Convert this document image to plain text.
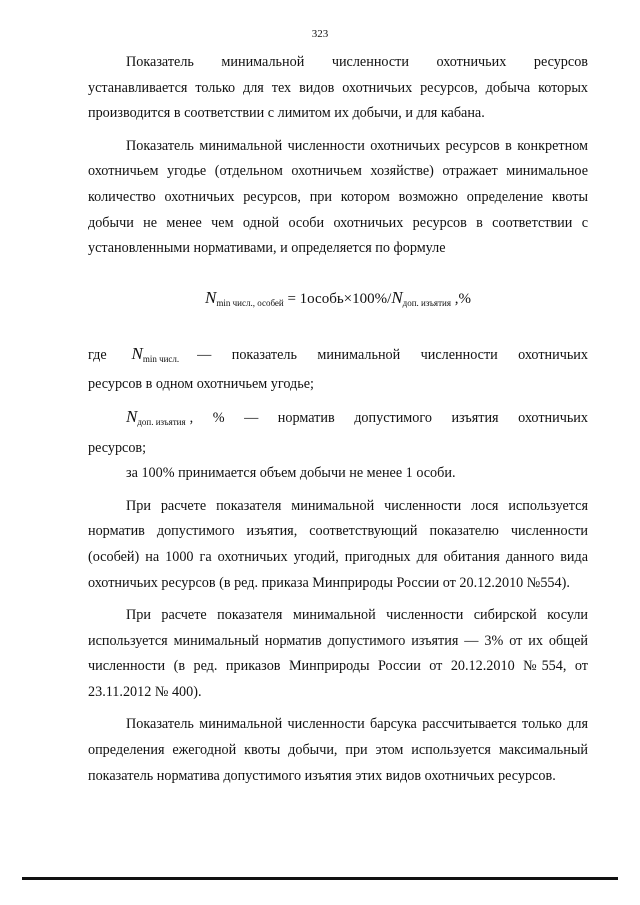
323

Показатель минимальной численности охотничьих ресурсов устанавливается только для тех видов охотничьих ресурсов, добыча которых производится в соответствии с лимитом их добычи, и для кабана.

Показатель минимальной численности охотничьих ресурсов в конкретном охотничьем угодье (отдельном охотничьем хозяйстве) отражает минимальное количество охотничьих ресурсов, при котором возможно определение квоты добычи не менее чем одной особи охотничьих ресурсов в соответствии с установленными нормативами, и определяется по формуле

$N_{min числ., особей}$ = $1особь\times 100\%/N_{доп. изъятия}$ ,%
где $N_{min числ.}$ — показатель минимальной численности охотничьих

ресурсов в одном охотничьем угодье;

$N_{доп. изъятия}$ , % — норматив допустимого изъятия охотничьих

ресурсов;

за 100% принимается объем добычи не менее 1 особи.

При расчете показателя минимальной численности лося используется норматив допустимого изъятия, соответствующий показателю численности (особей) на 1000 га охотничьих угодий, пригодных для обитания данного вида охотничьих ресурсов (в ред. приказа Минприроды России от 20.12.2010 №554).

При расчете показателя минимальной численности сибирской косули используется минимальный норматив допустимого изъятия — 3% от их общей численности (в ред. приказов Минприроды России от 20.12.2010 №554, от 23.11.2012 № 400).

Показатель минимальной численности барсука рассчитывается только для определения ежегодной квоты добычи, при этом используется максимальный показатель норматива допустимого изъятия этих видов охотничьих ресурсов.
